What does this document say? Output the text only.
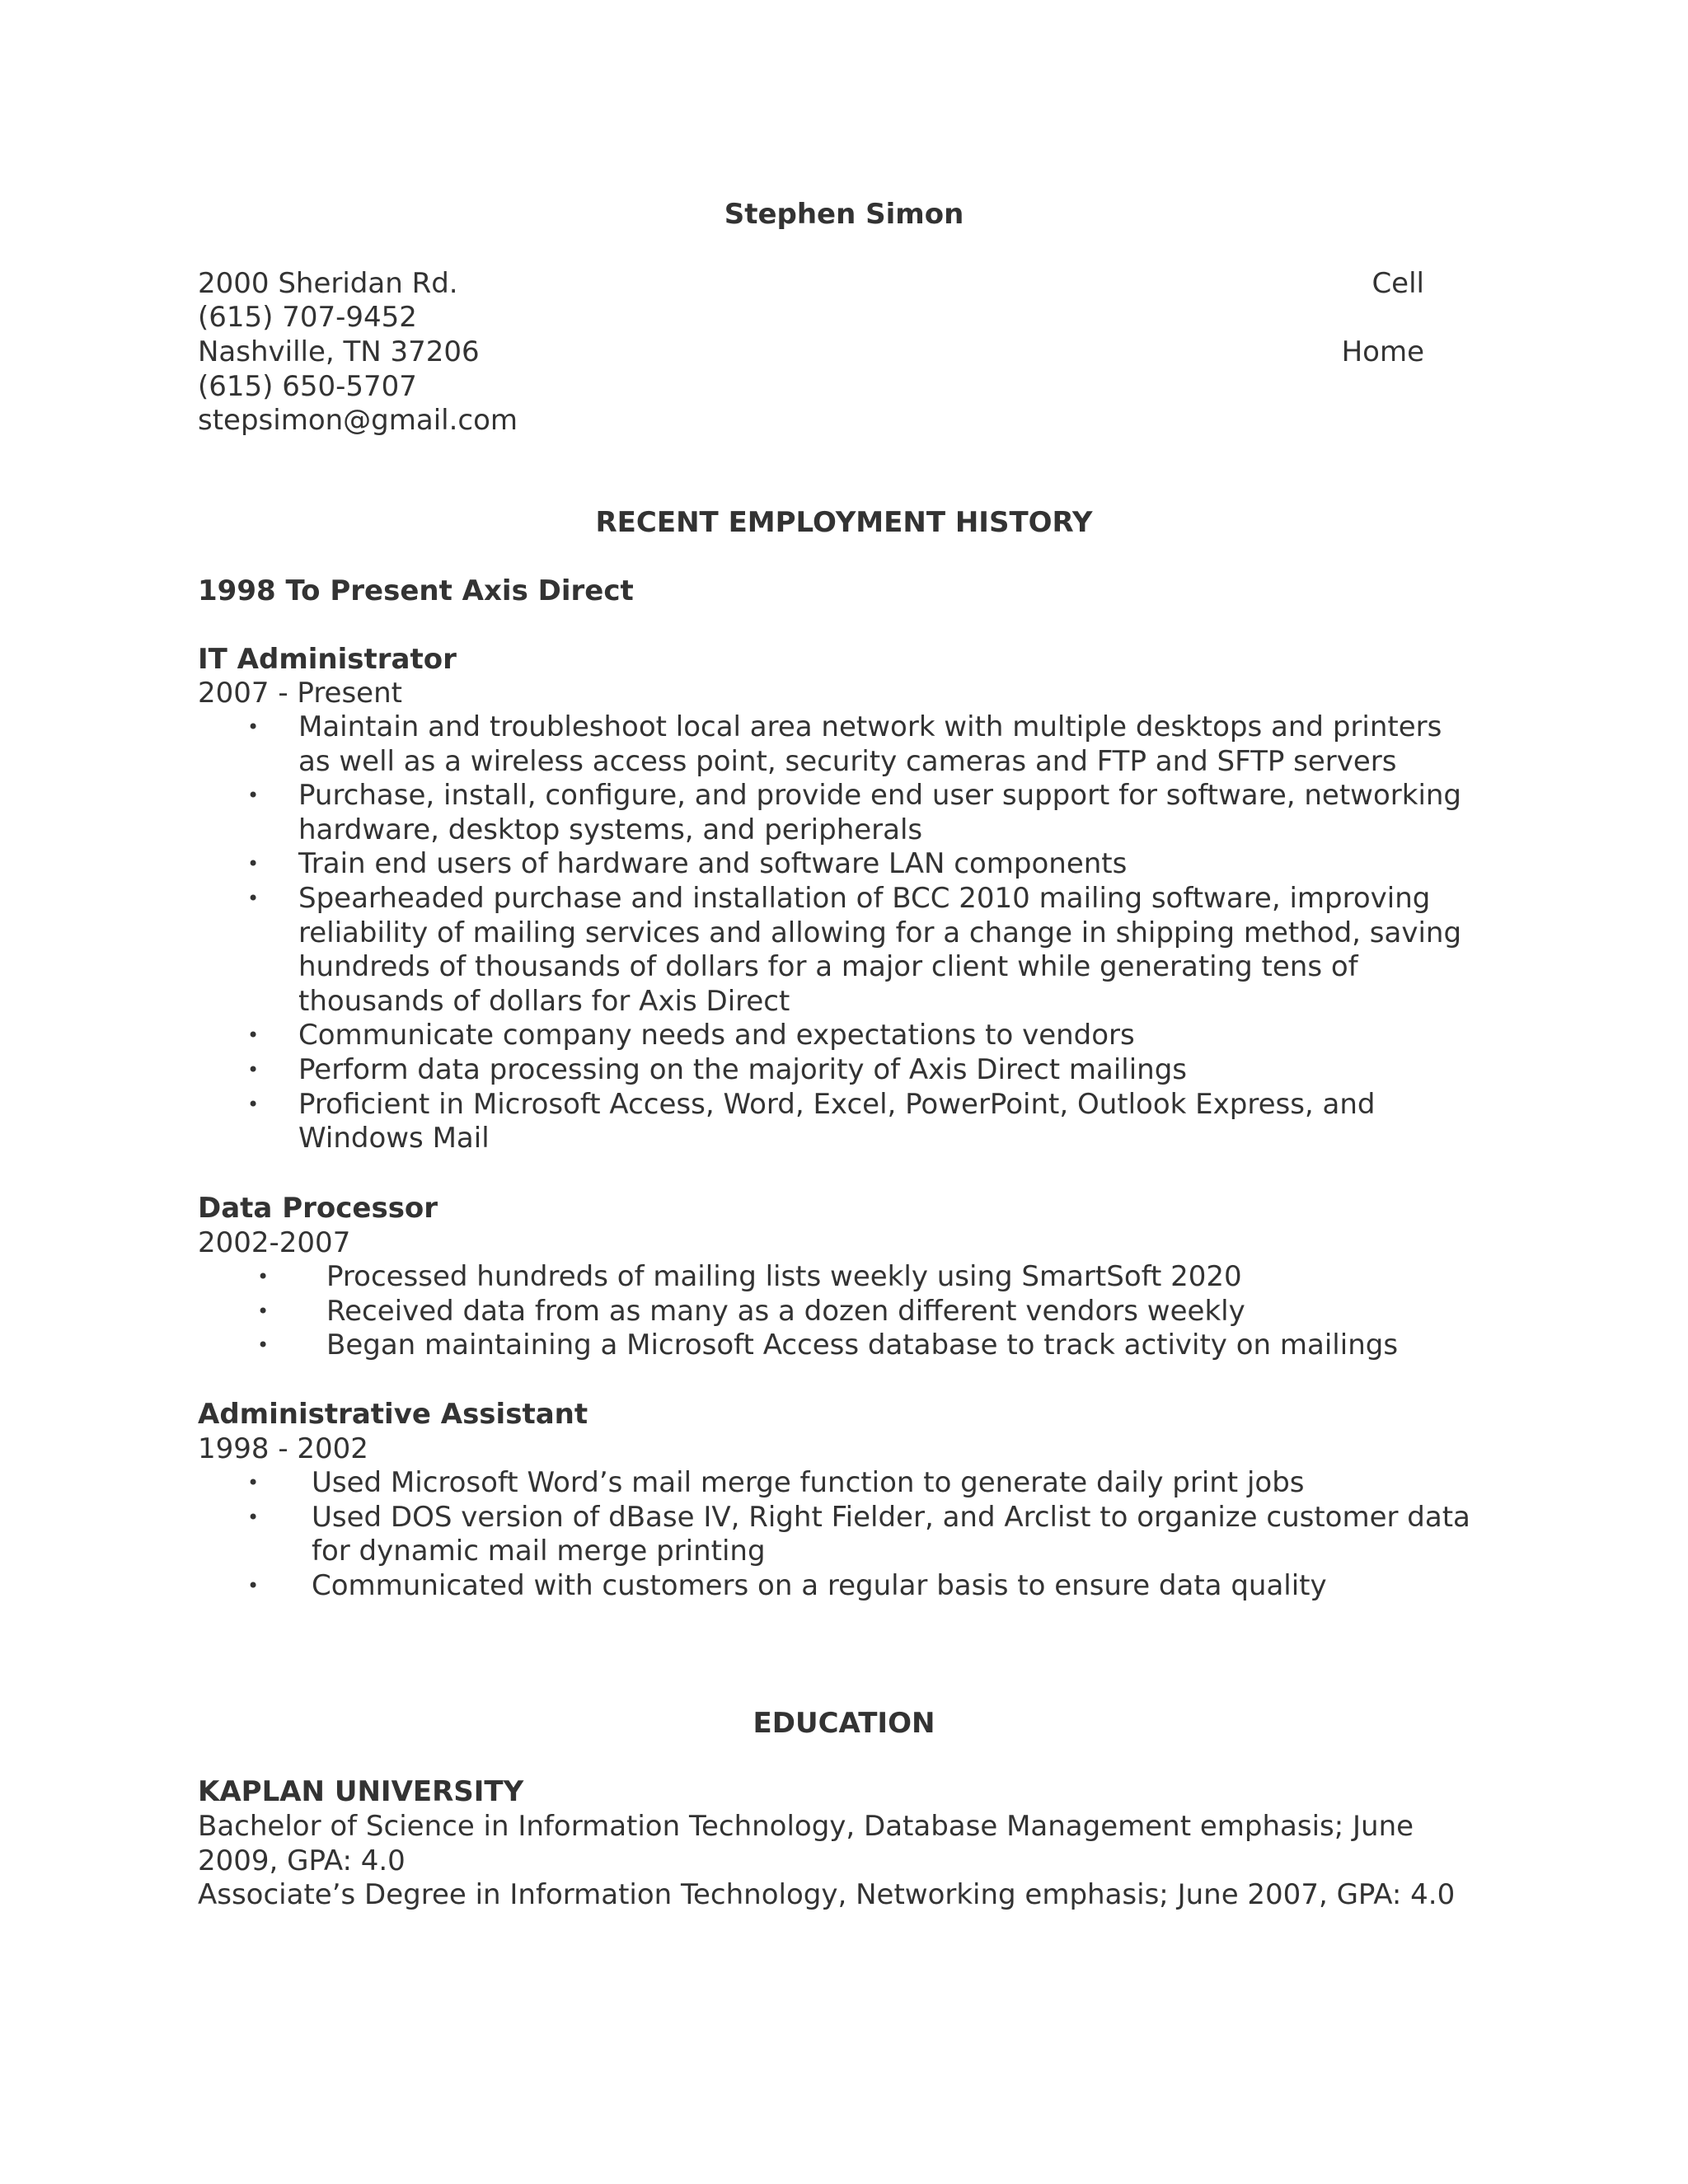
Stephen Simon
2000 Sheridan Rd.	Cell
(615) 707-9452
Nashville, TN 37206	Home
(615) 650-5707
stepsimon@gmail.com
RECENT EMPLOYMENT HISTORY
1998 To Present Axis Direct
IT Administrator
2007 - Present
• Maintain and troubleshoot local area network with multiple desktops and printers as well as a wireless access point, security cameras and FTP and SFTP servers
• Purchase, install, configure, and provide end user support for software, networking hardware, desktop systems, and peripherals
• Train end users of hardware and software LAN components
• Spearheaded purchase and installation of BCC 2010 mailing software, improving reliability of mailing services and allowing for a change in shipping method, saving hundreds of thousands of dollars for a major client while generating tens of thousands of dollars for Axis Direct
• Communicate company needs and expectations to vendors
• Perform data processing on the majority of Axis Direct mailings
• Proficient in Microsoft Access, Word, Excel, PowerPoint, Outlook Express, and Windows Mail
Data Processor
2002-2007
• Processed hundreds of mailing lists weekly using SmartSoft 2020
• Received data from as many as a dozen different vendors weekly
• Began maintaining a Microsoft Access database to track activity on mailings
Administrative Assistant
1998 - 2002
• Used Microsoft Word’s mail merge function to generate daily print jobs
• Used DOS version of dBase IV, Right Fielder, and Arclist to organize customer data for dynamic mail merge printing
• Communicated with customers on a regular basis to ensure data quality
EDUCATION
KAPLAN UNIVERSITY
Bachelor of Science in Information Technology, Database Management emphasis; June
2009, GPA: 4.0
Associate’s Degree in Information Technology, Networking emphasis; June 2007, GPA: 4.0
